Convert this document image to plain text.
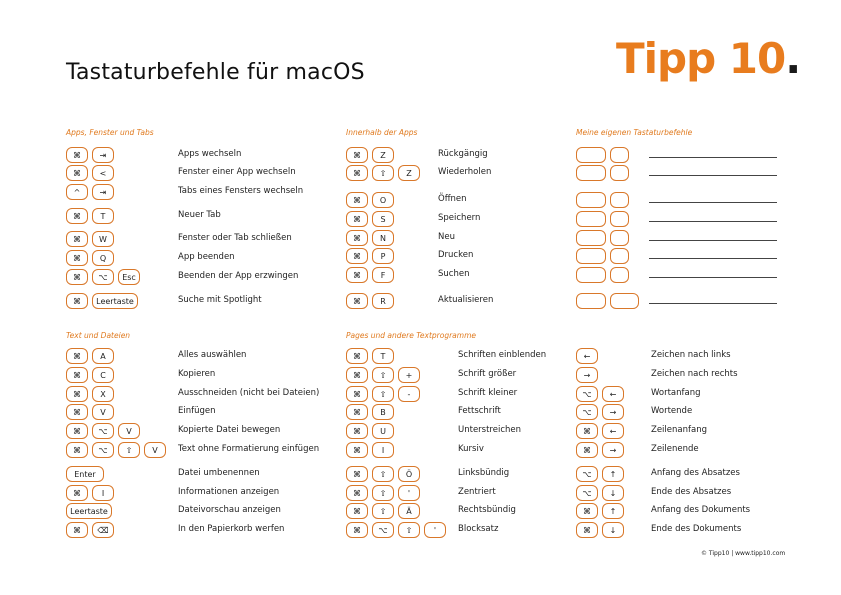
Tastaturbefehle für macOS	Tipp 10.
Apps, Fenster und Tabs
⌘	⇥	Apps wechseln
⌘	<	Fenster einer App wechseln
^	⇥	Tabs eines Fensters wechseln
⌘	T	Neuer Tab
⌘	W	Fenster oder Tab schließen
⌘	Q	App beenden
⌘	⌥	Esc	Beenden der App erzwingen
⌘	Leertaste	Suche mit Spotlight
Innerhalb der Apps
⌘	Z	Rückgängig
⌘	⇧	Z	Wiederholen
⌘	O	Öffnen
⌘	S	Speichern
⌘	N	Neu
⌘	P	Drucken
⌘	F	Suchen
⌘	R	Aktualisieren
Meine eigenen Tastaturbefehle
Text und Dateien
⌘	A	Alles auswählen
⌘	C	Kopieren
⌘	X	Ausschneiden (nicht bei Dateien)
⌘	V	Einfügen
⌘	⌥	V	Kopierte Datei bewegen
⌘	⌥	⇧	V	Text ohne Formatierung einfügen
Enter	Datei umbenennen
⌘	I	Informationen anzeigen
Leertaste	Dateivorschau anzeigen
⌘	⌫	In den Papierkorb werfen
Pages und andere Textprogramme
⌘	T	Schriften einblenden
⌘	⇧	+	Schrift größer
⌘	⇧	-	Schrift kleiner
⌘	B	Fettschrift
⌘	U	Unterstreichen
⌘	I	Kursiv
⌘	⇧	Ö	Linksbündig
⌘	⇧	'	Zentriert
⌘	⇧	Ä	Rechtsbündig
⌘	⌥	⇧	'	Blocksatz
←	Zeichen nach links
→	Zeichen nach rechts
⌥	←	Wortanfang
⌥	→	Wortende
⌘	←	Zeilenanfang
⌘	→	Zeilenende
⌥	↑	Anfang des Absatzes
⌥	↓	Ende des Absatzes
⌘	↑	Anfang des Dokuments
⌘	↓	Ende des Dokuments
© Tipp10 | www.tipp10.com
